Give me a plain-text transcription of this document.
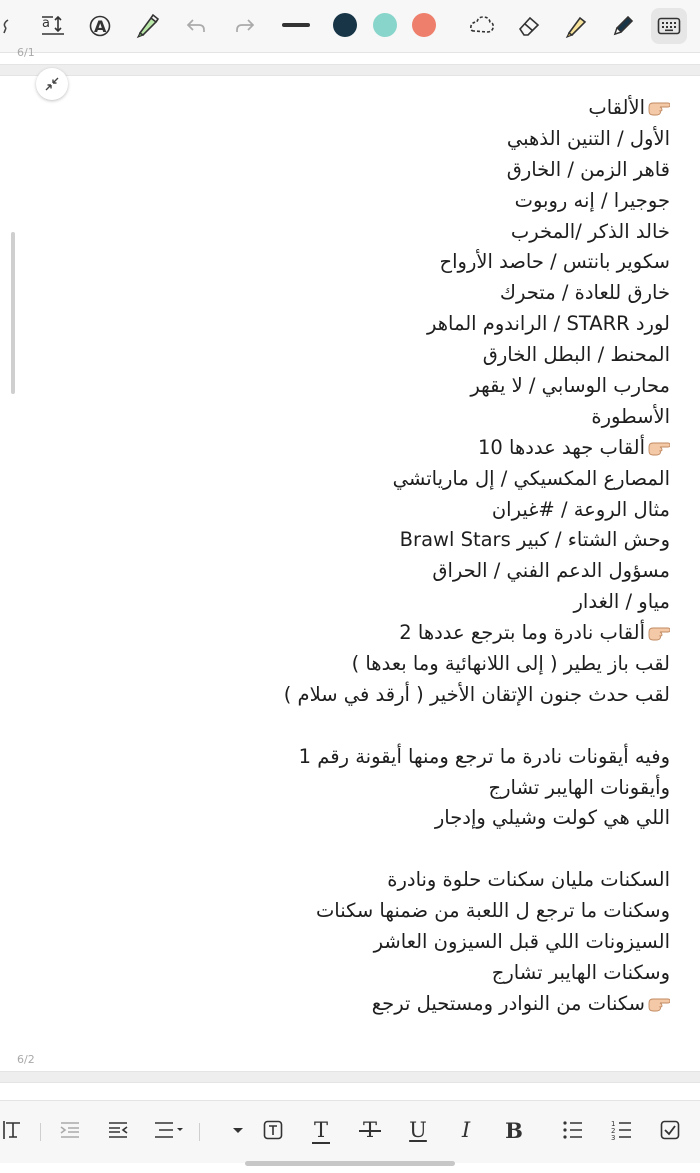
a	A
6/1
الألقاب
الأول / التنين الذهبي
قاهر الزمن / الخارق
جوجيرا / إنه روبوت
خالد الذكر /المخرب
سكوير بانتس / حاصد الأرواح
خارق للعادة / متحرك
لورد STARR / الراندوم الماهر
المحنط / البطل الخارق
محارب الوسابي / لا يقهر
الأسطورة
ألقاب جهد عددها 10
المصارع المكسيكي / إل مارياتشي
مثال الروعة / #غيران
وحش الشتاء / كبير Brawl Stars
مسؤول الدعم الفني / الحراق
مياو / الغدار
ألقاب نادرة وما بترجع عددها 2
لقب باز يطير ( إلى اللانهائية وما بعدها )
لقب حدث جنون الإتقان الأخير ( أرقد في سلام )
وفيه أيقونات نادرة ما ترجع ومنها أيقونة رقم 1
وأيقونات الهايبر تشارج
اللي هي كولت وشيلي وإدجار
السكنات مليان سكنات حلوة ونادرة
وسكنات ما ترجع ل اللعبة من ضمنها سكنات
السيزونات اللي قبل السيزون العاشر
وسكنات الهايبر تشارج
سكنات من النوادر ومستحيل ترجع
6/2
T	U I B	1
2
3
